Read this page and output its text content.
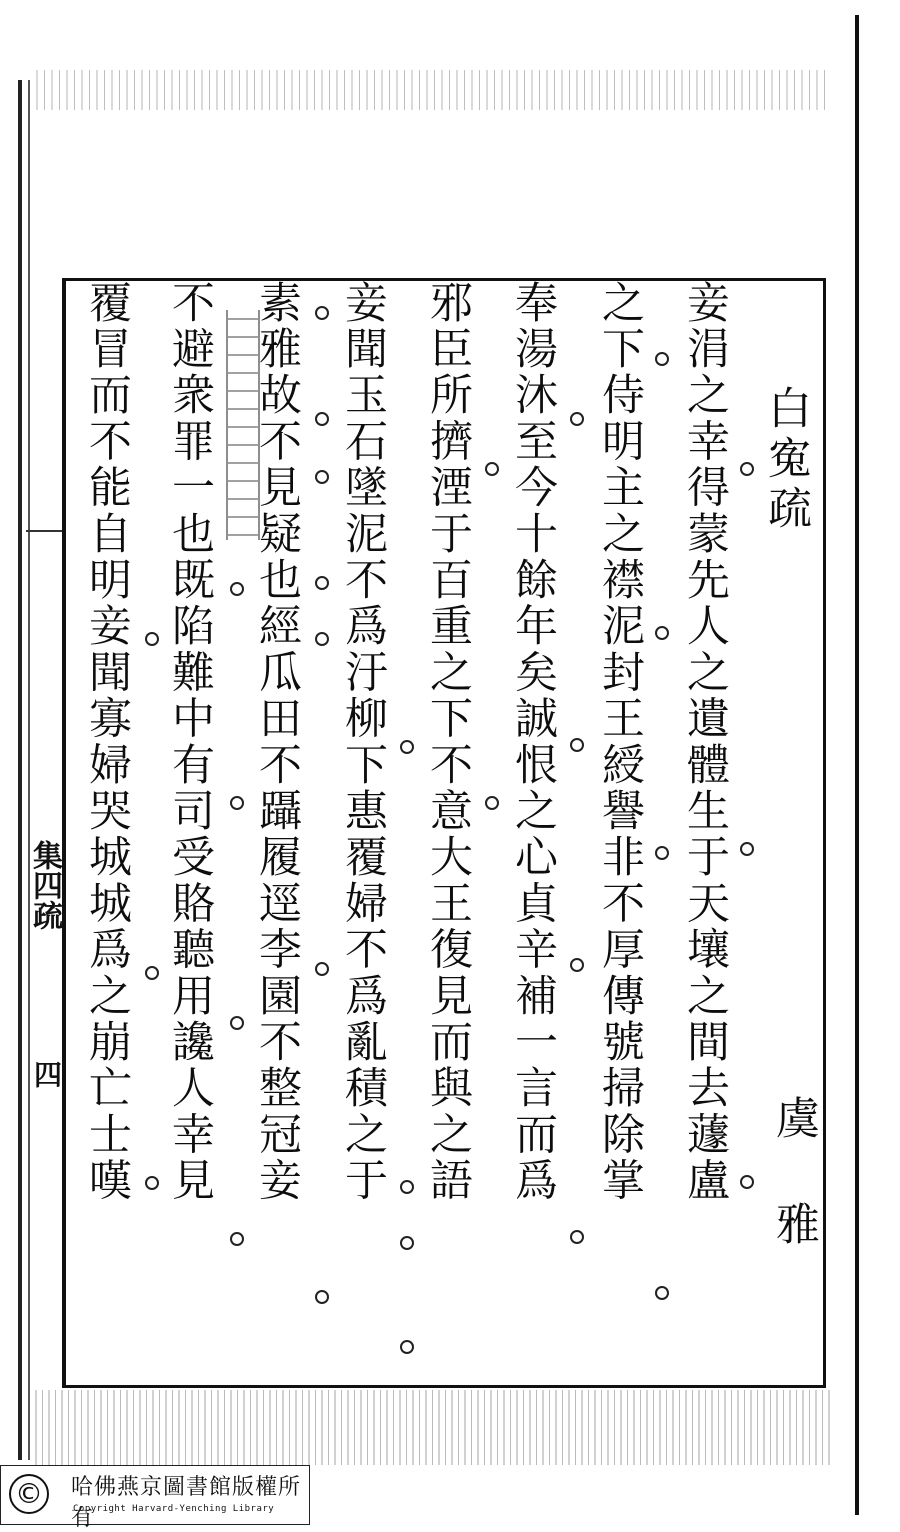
集四疏
四
白寃疏
虞 雅
妾涓之幸得蒙先人之遺體生于天壤之間去蘧盧
之下侍明主之襟泥封王綬譽非不厚傳號掃除掌
奉湯沐至今十餘年矣誠恨之心貞辛補一言而爲
邪臣所擠湮于百重之下不意大王復見而與之語
妾聞玉石墜泥不爲汙柳下惠覆婦不爲亂積之于
素雅故不見疑也經瓜田不躡履逕李園不整冠妾
不避衆罪一也既陷難中有司受賂聽用讒人幸見
覆冒而不能自明妾聞寡婦哭城城爲之崩亡士嘆
© 哈佛燕京圖書館版權所有
Copyright Harvard-Yenching Library
